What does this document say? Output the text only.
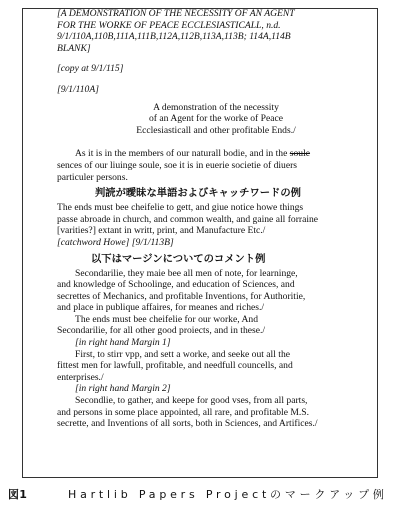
[A DEMONSTRATION OF THE NECESSITY OF AN AGENT
FOR THE WORKE OF PEACE ECCLESIASTICALL, n.d.
9/1/110A,110B,111A,111B,112A,112B,113A,113B; 114A,114B
BLANK]
[copy at 9/1/115]
[9/1/110A]
A demonstration of the necessity
of an Agent for the worke of Peace
Ecclesiasticall and other profitable Ends./
As it is in the members of our naturall bodie, and in the soule
sences of our liuinge soule, soe it is in euerie societie of diuers
particuler persons.
判読が曖昧な単語およびキャッチワードの例
The ends must bee cheifelie to gett, and giue notice howe things
passe abroade in church, and common wealth, and gaine all forraine
[varities?] extant in writt, print, and Manufacture Etc./
[catchword Howe] [9/1/113B]
以下はマージンについてのコメント例
Secondarilie, they maie bee all men of note, for learninge,
and knowledge of Schoolinge, and education of Sciences, and
secrettes of Mechanics, and profitable Inventions, for Authoritie,
and place in publique affaires, for meanes and riches./
The ends must bee cheifelie for our worke, And
Secondarilie, for all other good proiects, and in these./
[in right hand Margin 1]
First, to stirr vpp, and sett a worke, and seeke out all the
fittest men for lawfull, profitable, and needfull councells, and
enterprises./
[in right hand Margin 2]
Secondlie, to gather, and keepe for good vses, from all parts,
and persons in some place appointed, all rare, and profitable M.S.
secrette, and Inventions of all sorts, both in Sciences, and Artifices./
図1	Hartlib Papers Projectのマークアップ例
